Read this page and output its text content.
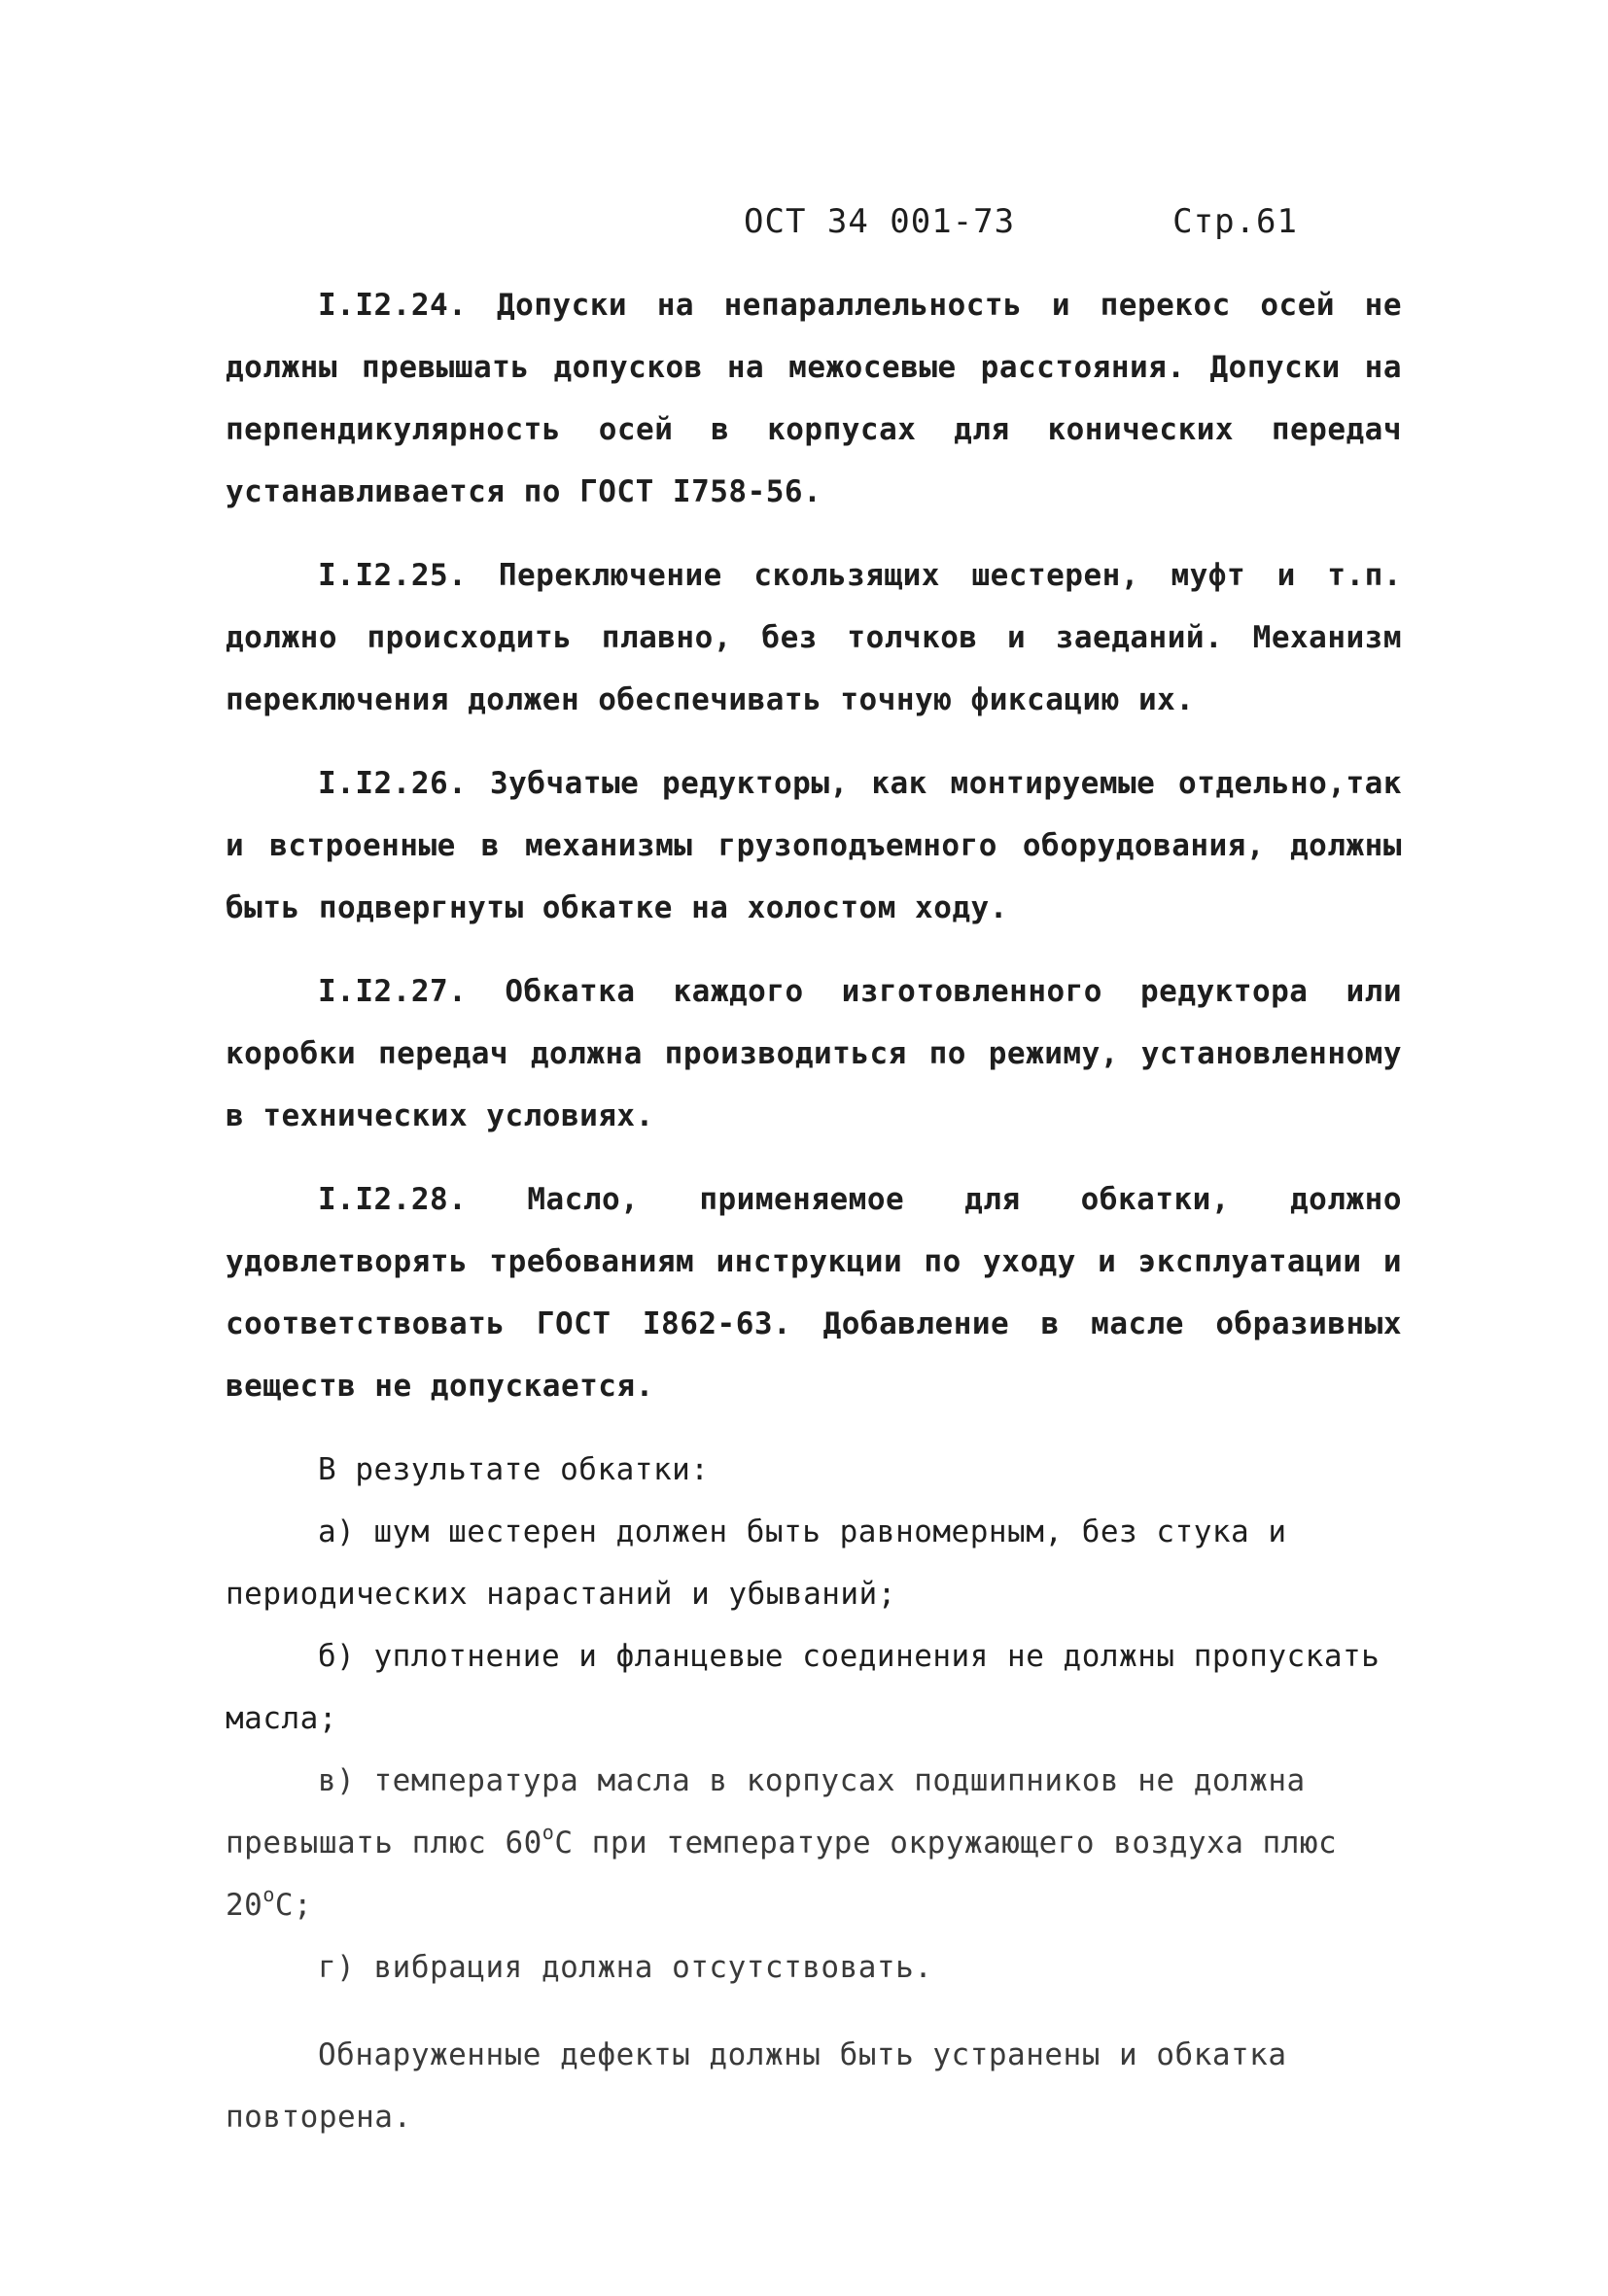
ОСТ 34 001-73	Стр.61

I.I2.24. Допуски на непараллельность и перекос осей не должны превышать допусков на межосевые расстояния. Допуски на перпендикулярность осей в корпусах для конических передач устанавливается по ГОСТ I758-56.

I.I2.25. Переключение скользящих шестерен, муфт и т.п. должно происходить плавно, без толчков и заеданий. Механизм переключения должен обеспечивать точную фиксацию их.

I.I2.26. Зубчатые редукторы, как монтируемые отдельно,так и встроенные в механизмы грузоподъемного оборудования, должны быть подвергнуты обкатке на холостом ходу.

I.I2.27. Обкатка каждого изготовленного редуктора или коробки передач должна производиться по режиму, установленному в технических условиях.

I.I2.28. Масло, применяемое для обкатки, должно удовлетворять требованиям инструкции по уходу и эксплуатации и соответствовать ГОСТ I862-63. Добавление в масле образивных веществ не допускается.

В результате обкатки:

а) шум шестерен должен быть равномерным, без стука и периодических нарастаний и убываний;

б) уплотнение и фланцевые соединения не должны пропускать масла;

в) температура масла в корпусах подшипников не должна превышать плюс $60^оС$ при температуре окружающего воздуха плюс $20^оС$;

г) вибрация должна отсутствовать.

Обнаруженные дефекты должны быть устранены и обкатка повторена.
